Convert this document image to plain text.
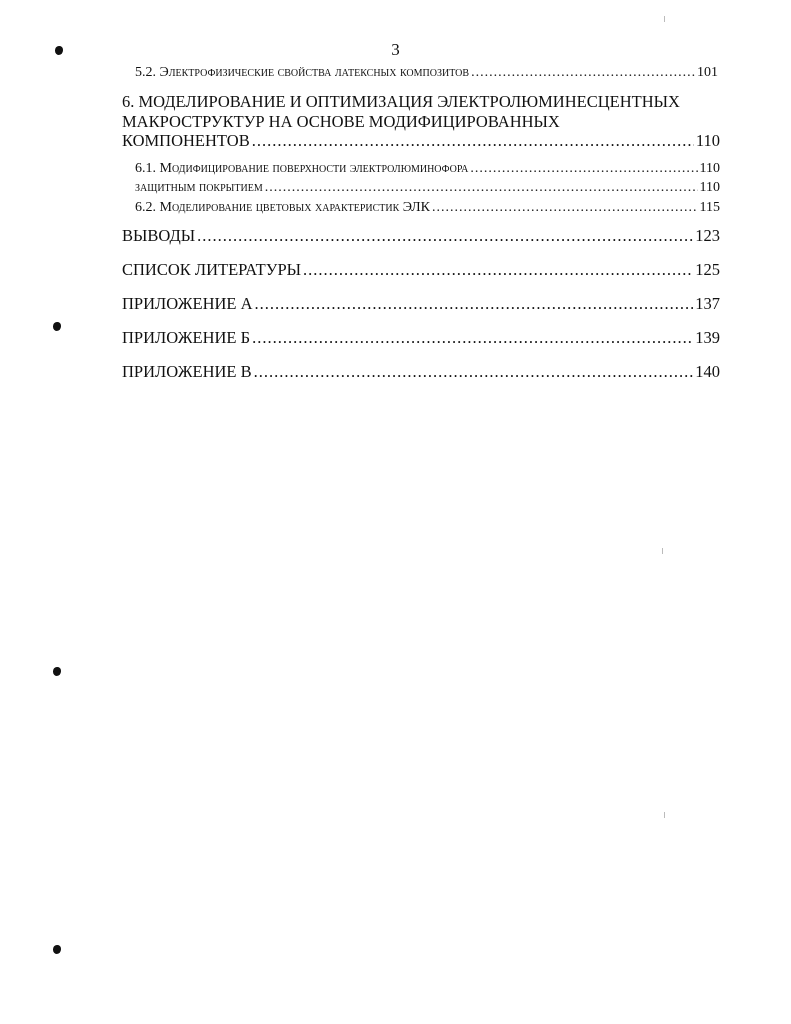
3
5.2. Электрофизические свойства латексных композитов .....	101
6. МОДЕЛИРОВАНИЕ И ОПТИМИЗАЦИЯ ЭЛЕКТРОЛЮМИНЕСЦЕНТНЫХ
МАКРОСТРУКТУР НА ОСНОВЕ МОДИФИЦИРОВАННЫХ
КОМПОНЕНТОВ .....	110
6.1. Модифицирование поверхности электролюминофора .....	110
защитным покрытием .....	110
6.2. Моделирование цветовых характеристик ЭЛК .....	115
ВЫВОДЫ .....	123
СПИСОК ЛИТЕРАТУРЫ .....	125
ПРИЛОЖЕНИЕ А .....	137
ПРИЛОЖЕНИЕ Б .....	139
ПРИЛОЖЕНИЕ В .....	140
